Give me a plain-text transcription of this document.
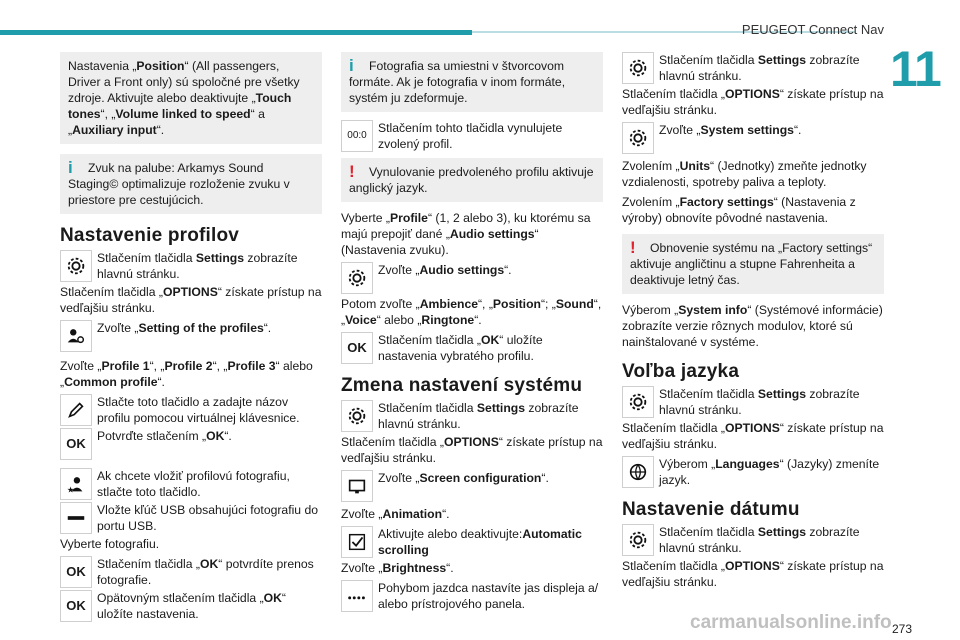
PEUGEOT Connect Nav
11
273
carmanualsonline.info
Nastavenia „Position“ (All passengers, Driver a Front only) sú spoločné pre všetky zdroje. Aktivujte alebo deaktivujte „Touch tones“, „Volume linked to speed“ a „Auxiliary input“.
i Zvuk na palube: Arkamys Sound Staging© optimalizuje rozloženie zvuku v priestore pre cestujúcich.
Nastavenie profilov
Stlačením tlačidla Settings zobrazíte hlavnú stránku.

Stlačením tlačidla „OPTIONS“ získate prístup na vedľajšiu stránku.

Zvoľte „Setting of the profiles“.

Zvoľte „Profile 1“, „Profile 2“, „Profile 3“ alebo „Common profile“.

Stlačte toto tlačidlo a zadajte názov profilu pomocou virtuálnej klávesnice.
OK Potvrďte stlačením „OK“.
★
Ak chcete vložiť profilovú fotografiu, stlačte toto tlačidlo.
Vložte kľúč USB obsahujúci fotografiu do portu USB.

Vyberte fotografiu.

OK Stlačením tlačidla „OK“ potvrdíte prenos fotografie.
OK Opätovným stlačením tlačidla „OK“ uložíte nastavenia.
i Fotografia sa umiestni v štvorcovom formáte. Ak je fotografia v inom formáte, systém ju zdeformuje.
00:0
Stlačením tohto tlačidla vynulujete zvolený profil.
! Vynulovanie predvoleného profilu aktivuje anglický jazyk.

Vyberte „Profile“ (1, 2 alebo 3), ku ktorému sa majú prepojiť dané „Audio settings“ (Nastavenia zvuku).

Zvoľte „Audio settings“.

Potom zvoľte „Ambience“, „Position“; „Sound“, „Voice“ alebo „Ringtone“.

OK Stlačením tlačidla „OK“ uložíte nastavenia vybratého profilu.
Zmena nastavení systému
Stlačením tlačidla Settings zobrazíte hlavnú stránku.

Stlačením tlačidla „OPTIONS“ získate prístup na vedľajšiu stránku.

Zvoľte „Screen configuration“.

Zvoľte „Animation“.

Aktivujte alebo deaktivujte:Automatic scrolling

Zvoľte „Brightness“.

Pohybom jazdca nastavíte jas displeja a/ alebo prístrojového panela.
Stlačením tlačidla Settings zobrazíte hlavnú stránku.

Stlačením tlačidla „OPTIONS“ získate prístup na vedľajšiu stránku.

Zvoľte „System settings“.

Zvolením „Units“ (Jednotky) zmeňte jednotky vzdialenosti, spotreby paliva a teploty.

Zvolením „Factory settings“ (Nastavenia z výroby) obnovíte pôvodné nastavenia.

! Obnovenie systému na „Factory settings“ aktivuje angličtinu a stupne Fahrenheita a deaktivuje letný čas.

Výberom „System info“ (Systémové informácie) zobrazíte verzie rôznych modulov, ktoré sú nainštalované v systéme.

Voľba jazyka
Stlačením tlačidla Settings zobrazíte hlavnú stránku.

Stlačením tlačidla „OPTIONS“ získate prístup na vedľajšiu stránku.

Výberom „Languages“ (Jazyky) zmeníte jazyk.
Nastavenie dátumu
Stlačením tlačidla Settings zobrazíte hlavnú stránku.

Stlačením tlačidla „OPTIONS“ získate prístup na vedľajšiu stránku.
